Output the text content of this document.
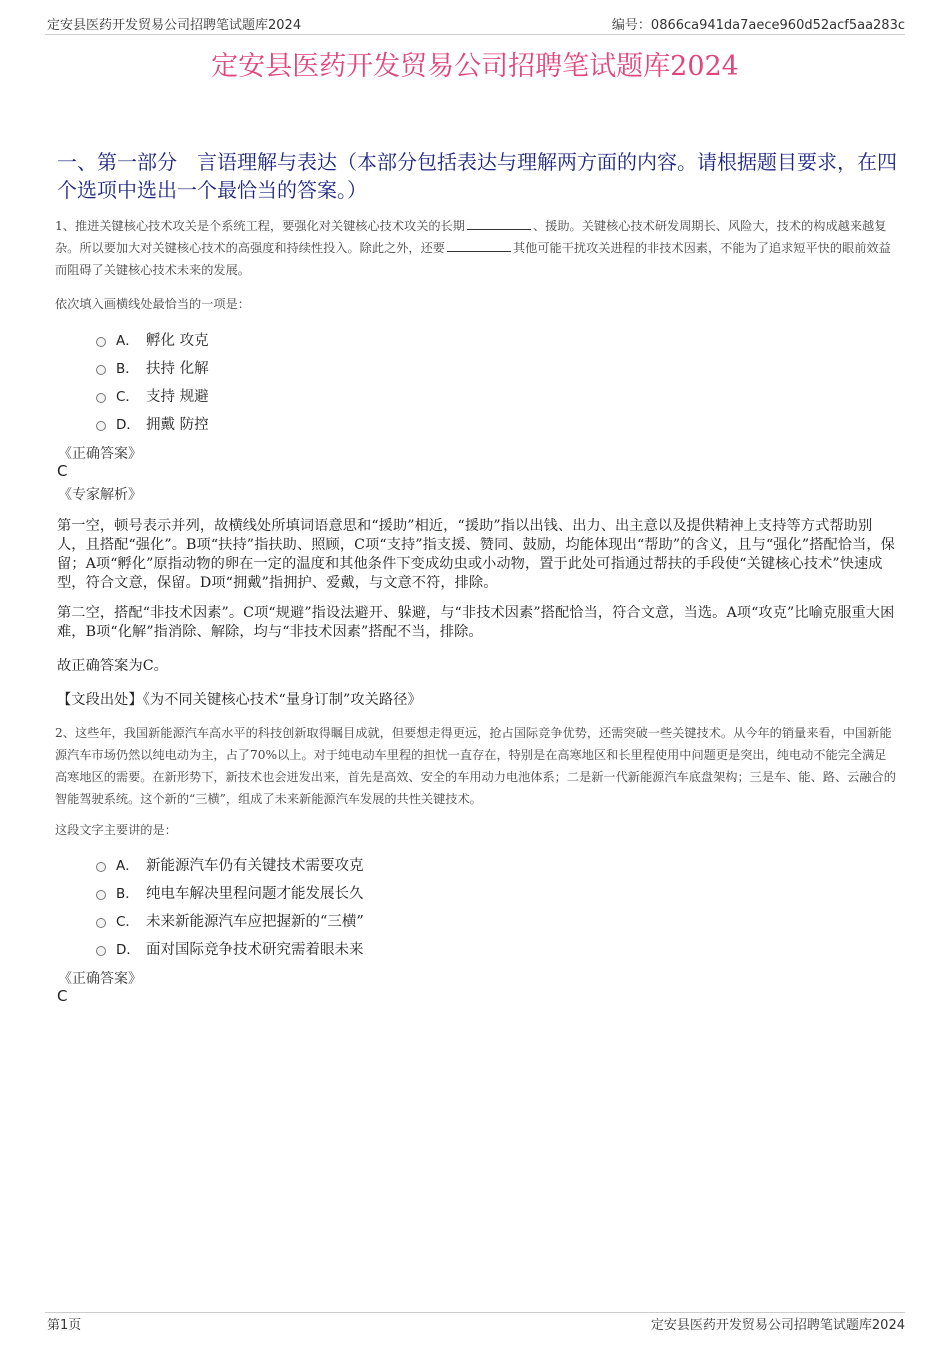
定安县医药开发贸易公司招聘笔试题库2024	编号：0866ca941da7aece960d52acf5aa283c
定安县医药开发贸易公司招聘笔试题库2024
一、第一部分　言语理解与表达（本部分包括表达与理解两方面的内容。请根据题目要求，在四个选项中选出一个最恰当的答案。）
1、推进关键核心技术攻关是个系统工程，要强化对关键核心技术攻关的长期	、援助。关键核心技术研发周期长、风险大，技术的构成越来越复杂。所以要加大对关键核心技术的高强度和持续性投入。除此之外，还要	其他可能干扰攻关进程的非技术因素，不能为了追求短平快的眼前效益而阻碍了关键核心技术未来的发展。
依次填入画横线处最恰当的一项是：
A． 孵化 攻克
B． 扶持 化解
C． 支持 规避
D． 拥戴 防控
《正确答案》
C
《专家解析》
第一空，顿号表示并列，故横线处所填词语意思和“援助”相近，“援助”指以出钱、出力、出主意以及提供精神上支持等方式帮助别人，且搭配“强化”。B项“扶持”指扶助、照顾，C项“支持”指支援、赞同、鼓励，均能体现出“帮助”的含义，且与“强化”搭配恰当，保留；A项“孵化”原指动物的卵在一定的温度和其他条件下变成幼虫或小动物，置于此处可指通过帮扶的手段使“关键核心技术”快速成型，符合文意，保留。D项“拥戴”指拥护、爱戴，与文意不符，排除。
第二空，搭配“非技术因素”。C项“规避”指设法避开、躲避，与“非技术因素”搭配恰当，符合文意，当选。A项“攻克”比喻克服重大困难，B项“化解”指消除、解除，均与“非技术因素”搭配不当，排除。
故正确答案为C。
【文段出处】《为不同关键核心技术“量身订制”攻关路径》
2、这些年，我国新能源汽车高水平的科技创新取得瞩目成就，但要想走得更远，抢占国际竞争优势，还需突破一些关键技术。从今年的销量来看，中国新能源汽车市场仍然以纯电动为主，占了70%以上。对于纯电动车里程的担忧一直存在，特别是在高寒地区和长里程使用中问题更是突出，纯电动不能完全满足高寒地区的需要。在新形势下，新技术也会迸发出来，首先是高效、安全的车用动力电池体系；二是新一代新能源汽车底盘架构；三是车、能、路、云融合的智能驾驶系统。这个新的“三横”，组成了未来新能源汽车发展的共性关键技术。
这段文字主要讲的是：
A． 新能源汽车仍有关键技术需要攻克
B． 纯电车解决里程问题才能发展长久
C． 未来新能源汽车应把握新的“三横”
D． 面对国际竞争技术研究需着眼未来
《正确答案》
C
第1页	定安县医药开发贸易公司招聘笔试题库2024
